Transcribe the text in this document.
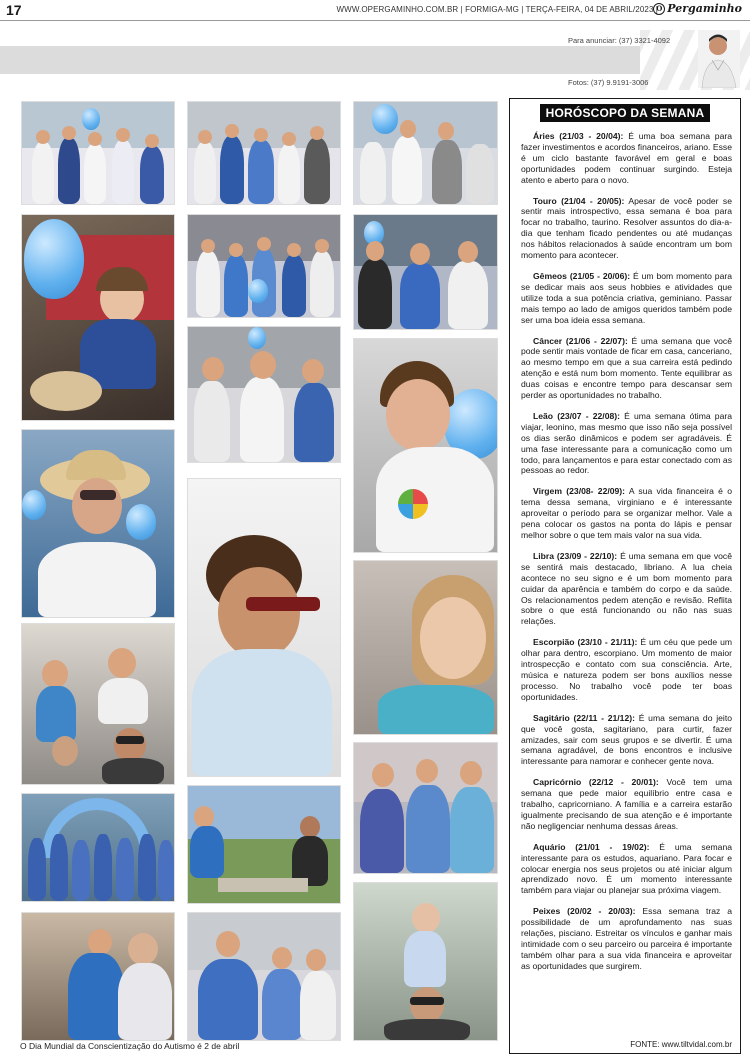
17	WWW.OPERGAMINHO.COM.BR | FORMIGA-MG | TERÇA-FEIRA, 04 DE ABRIL/2023 |
O Pergaminho
Para anunciar: (37) 3321-4092
Fotos: (37) 9.9191-3006
O Dia Mundial da Conscientização do Autismo é 2 de abril
HORÓSCOPO DA SEMANA

Áries (21/03 - 20/04): É uma boa semana para fazer investimentos e acordos financeiros, ariano. Esse é um ciclo bastante favorável em geral e boas oportunidades podem continuar surgindo. Esteja atento e aberto para o novo.

Touro (21/04 - 20/05): Apesar de você poder se sentir mais introspectivo, essa semana é boa para focar no trabalho, taurino. Resolver assuntos do dia-a-dia que tenham ficado pendentes ou até mudanças nos hábitos relacionados à saúde encontram um bom momento para acontecer.

Gêmeos (21/05 - 20/06): É um bom momento para se dedicar mais aos seus hobbies e atividades que utilize toda a sua potência criativa, geminiano. Passar mais tempo ao lado de amigos queridos também pode ser uma boa ideia essa semana.

Câncer (21/06 - 22/07): É uma semana que você pode sentir mais vontade de ficar em casa, canceriano, ao mesmo tempo em que a sua carreira está pedindo atenção e está num bom momento. Tente equilibrar as duas coisas e encontre tempo para descansar sem perder as oportunidades no trabalho.

Leão (23/07 - 22/08): É uma semana ótima para viajar, leonino, mas mesmo que isso não seja possível os dias serão dinâmicos e podem ser agradáveis. É uma fase interessante para a comunicação como um todo, para lançamentos e para estar conectado com as pessoas ao redor.

Virgem (23/08- 22/09): A sua vida financeira é o tema dessa semana, virginiano e é interessante aproveitar o período para se organizar melhor. Vale a pena colocar os gastos na ponta do lápis e pensar melhor sobre o que tem mais valor na sua vida.

Libra (23/09 - 22/10): É uma semana em que você se sentirá mais destacado, libriano. A lua cheia acontece no seu signo e é um bom momento para cuidar da aparência e também do corpo e da saúde. Os relacionamentos pedem atenção e revisão. Reflita sobre o que está funcionando ou não nas suas relações.

Escorpião (23/10 - 21/11): É um céu que pede um olhar para dentro, escorpiano. Um momento de maior introspecção e contato com sua consciência. Arte, música e natureza podem ser bons auxílios nesse processo. No trabalho você pode ter boas oportunidades.

Sagitário (22/11 - 21/12): É uma semana do jeito que você gosta, sagitariano, para curtir, fazer amizades, sair com seus grupos e se divertir. É uma semana agradável, de bons encontros e inclusive interessante para namorar e conhecer gente nova.

Capricórnio (22/12 - 20/01): Você tem uma semana que pede maior equilíbrio entre casa e trabalho, capricorniano. A família e a carreira estarão igualmente precisando de sua atenção e é importante não negligenciar nenhuma dessas áreas.

Aquário (21/01 - 19/02): É uma semana interessante para os estudos, aquariano. Para focar e colocar energia nos seus projetos ou até iniciar algum aprendizado novo. É um momento interessante também para viajar ou planejar sua próxima viagem.

Peixes (20/02 - 20/03): Essa semana traz a possibilidade de um aprofundamento nas suas relações, pisciano. Estreitar os vínculos e ganhar mais intimidade com o seu parceiro ou parceira é importante também olhar para a sua vida financeira e aproveitar as oportunidades que surgirem.

FONTE: www.tiltvidal.com.br
